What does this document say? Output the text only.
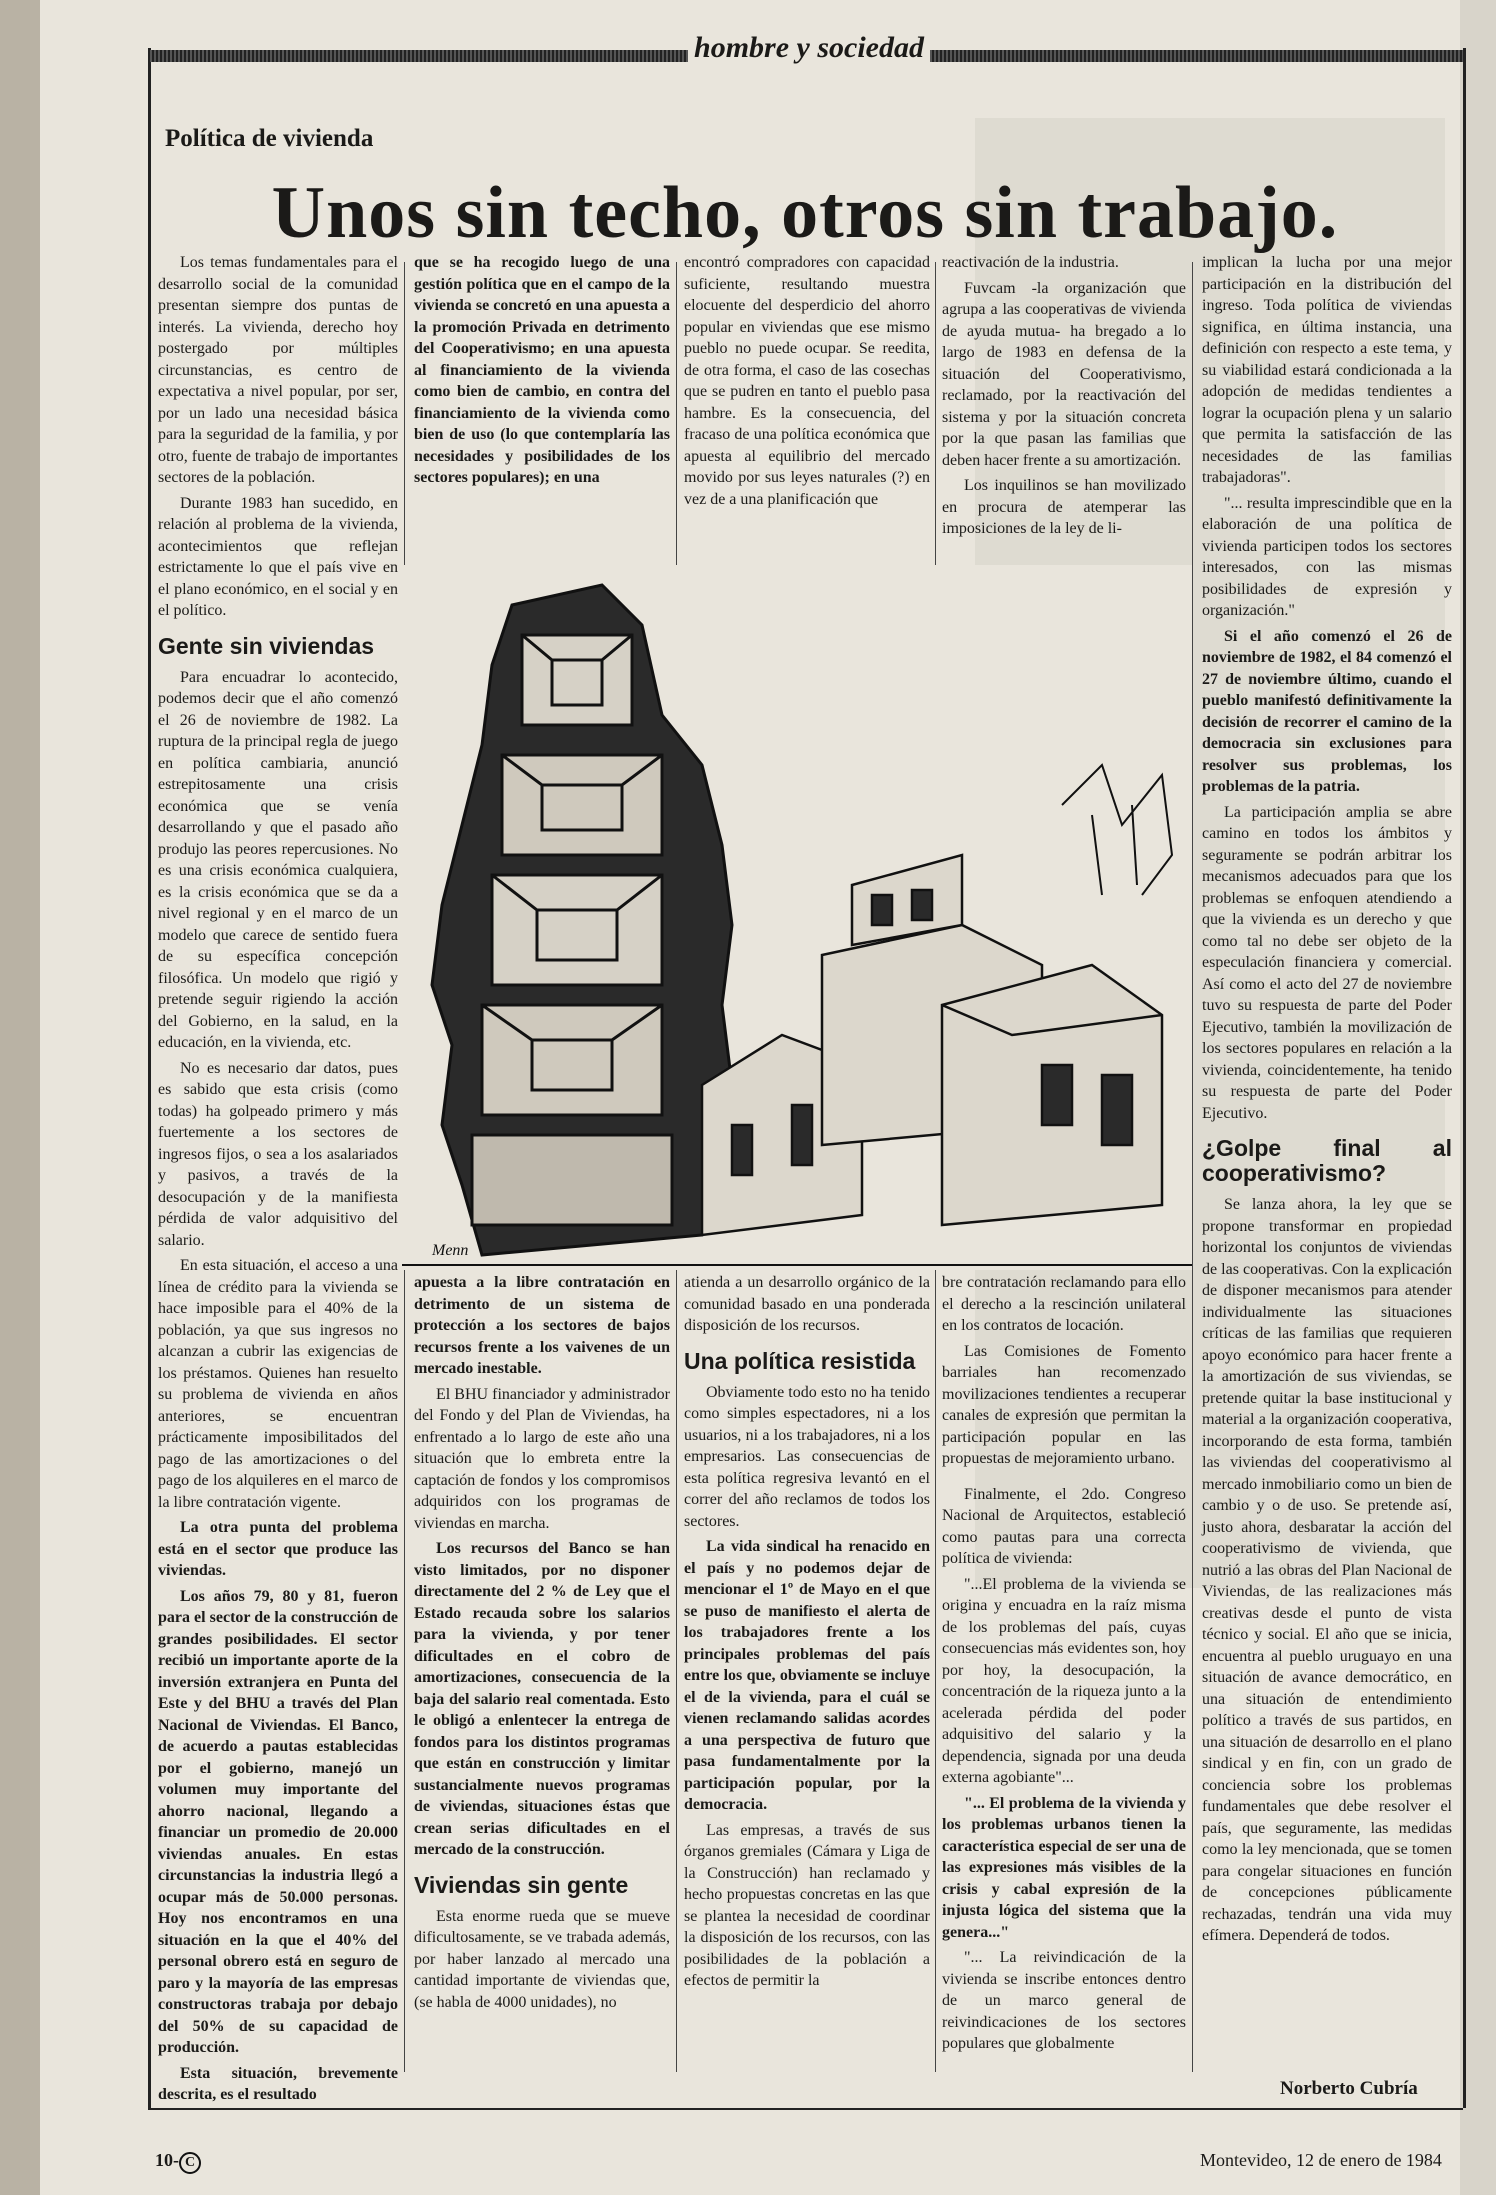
hombre y sociedad
Política de vivienda
Unos sin techo, otros sin trabajo.

Los temas fundamentales para el desarrollo social de la comunidad presentan siempre dos puntas de interés. La vivienda, derecho hoy postergado por múltiples circunstancias, es centro de expectativa a nivel popular, por ser, por un lado una necesidad básica para la seguridad de la familia, y por otro, fuente de trabajo de importantes sectores de la población.

Durante 1983 han sucedido, en relación al problema de la vivienda, acontecimientos que reflejan estrictamente lo que el país vive en el plano económico, en el social y en el político.

Gente sin viviendas

Para encuadrar lo acontecido, podemos decir que el año comenzó el 26 de noviembre de 1982. La ruptura de la principal regla de juego en política cambiaria, anunció estrepitosamente una crisis económica que se venía desarrollando y que el pasado año produjo las peores repercusiones. No es una crisis económica cualquiera, es la crisis económica que se da a nivel regional y en el marco de un modelo que carece de sentido fuera de su específica concepción filosófica. Un modelo que rigió y pretende seguir rigiendo la acción del Gobierno, en la salud, en la educación, en la vivienda, etc.

No es necesario dar datos, pues es sabido que esta crisis (como todas) ha golpeado primero y más fuertemente a los sectores de ingresos fijos, o sea a los asalariados y pasivos, a través de la desocupación y de la manifiesta pérdida de valor adquisitivo del salario.

En esta situación, el acceso a una línea de crédito para la vivienda se hace imposible para el 40% de la población, ya que sus ingresos no alcanzan a cubrir las exigencias de los préstamos. Quienes han resuelto su problema de vivienda en años anteriores, se encuentran prácticamente imposibilitados del pago de las amortizaciones o del pago de los alquileres en el marco de la libre contratación vigente.

La otra punta del problema está en el sector que produce las viviendas.

Los años 79, 80 y 81, fueron para el sector de la construcción de grandes posibilidades. El sector recibió un importante aporte de la inversión extranjera en Punta del Este y del BHU a través del Plan Nacional de Viviendas. El Banco, de acuerdo a pautas establecidas por el gobierno, manejó un volumen muy importante del ahorro nacional, llegando a financiar un promedio de 20.000 viviendas anuales. En estas circunstancias la industria llegó a ocupar más de 50.000 personas. Hoy nos encontramos en una situación en la que el 40% del personal obrero está en seguro de paro y la mayoría de las empresas constructoras trabaja por debajo del 50% de su capacidad de producción.

Esta situación, brevemente descrita, es el resultado

que se ha recogido luego de una gestión política que en el campo de la vivienda se concretó en una apuesta a la promoción Privada en detrimento del Cooperativismo; en una apuesta al financiamiento de la vivienda como bien de cambio, en contra del financiamiento de la vivienda como bien de uso (lo que contemplaría las necesidades y posibilidades de los sectores populares); en una

encontró compradores con capacidad suficiente, resultando muestra elocuente del desperdicio del ahorro popular en viviendas que ese mismo pueblo no puede ocupar. Se reedita, de otra forma, el caso de las cosechas que se pudren en tanto el pueblo pasa hambre. Es la consecuencia, del fracaso de una política económica que apuesta al equilibrio del mercado movido por sus leyes naturales (?) en vez de a una planificación que

reactivación de la industria.

Fuvcam -la organización que agrupa a las cooperativas de vivienda de ayuda mutua- ha bregado a lo largo de 1983 en defensa de la situación del Cooperativismo, reclamado, por la reactivación del sistema y por la situación concreta por la que pasan las familias que deben hacer frente a su amortización.

Los inquilinos se han movilizado en procura de atemperar las imposiciones de la ley de li-

implican la lucha por una mejor participación en la distribución del ingreso. Toda política de viviendas significa, en última instancia, una definición con respecto a este tema, y su viabilidad estará condicionada a la adopción de medidas tendientes a lograr la ocupación plena y un salario que permita la satisfacción de las necesidades de las familias trabajadoras".

"... resulta imprescindible que en la elaboración de una política de vivienda participen todos los sectores interesados, con las mismas posibilidades de expresión y organización."

Si el año comenzó el 26 de noviembre de 1982, el 84 comenzó el 27 de noviembre último, cuando el pueblo manifestó definitivamente la decisión de recorrer el camino de la democracia sin exclusiones para resolver sus problemas, los problemas de la patria.

La participación amplia se abre camino en todos los ámbitos y seguramente se podrán arbitrar los mecanismos adecuados para que los problemas se enfoquen atendiendo a que la vivienda es un derecho y que como tal no debe ser objeto de la especulación financiera y comercial. Así como el acto del 27 de noviembre tuvo su respuesta de parte del Poder Ejecutivo, también la movilización de los sectores populares en relación a la vivienda, coincidentemente, ha tenido su respuesta de parte del Poder Ejecutivo.

¿Golpe final al cooperativismo?

Se lanza ahora, la ley que se propone transformar en propiedad horizontal los conjuntos de viviendas de las cooperativas. Con la explicación de disponer mecanismos para atender individualmente las situaciones críticas de las familias que requieren apoyo económico para hacer frente a la amortización de sus viviendas, se pretende quitar la base institucional y material a la organización cooperativa, incorporando de esta forma, también las viviendas del cooperativismo al mercado inmobiliario como un bien de cambio y o de uso. Se pretende así, justo ahora, desbaratar la acción del cooperativismo de vivienda, que nutrió a las obras del Plan Nacional de Viviendas, de las realizaciones más creativas desde el punto de vista técnico y social. El año que se inicia, encuentra al pueblo uruguayo en una situación de avance democrático, en una situación de entendimiento político a través de sus partidos, en una situación de desarrollo en el plano sindical y en fin, con un grado de conciencia sobre los problemas fundamentales que debe resolver el país, que seguramente, las medidas como la ley mencionada, que se tomen para congelar situaciones en función de concepciones públicamente rechazadas, tendrán una vida muy efímera. Dependerá de todos.

Menn

apuesta a la libre contratación en detrimento de un sistema de protección a los sectores de bajos recursos frente a los vaivenes de un mercado inestable.

El BHU financiador y administrador del Fondo y del Plan de Viviendas, ha enfrentado a lo largo de este año una situación que lo embreta entre la captación de fondos y los compromisos adquiridos con los programas de viviendas en marcha.

Los recursos del Banco se han visto limitados, por no disponer directamente del 2 % de Ley que el Estado recauda sobre los salarios para la vivienda, y por tener dificultades en el cobro de amortizaciones, consecuencia de la baja del salario real comentada. Esto le obligó a enlentecer la entrega de fondos para los distintos programas que están en construcción y limitar sustancialmente nuevos programas de viviendas, situaciones éstas que crean serias dificultades en el mercado de la construcción.

Viviendas sin gente

Esta enorme rueda que se mueve dificultosamente, se ve trabada además, por haber lanzado al mercado una cantidad importante de viviendas que, (se habla de 4000 unidades), no

atienda a un desarrollo orgánico de la comunidad basado en una ponderada disposición de los recursos.

Una política resistida

Obviamente todo esto no ha tenido como simples espectadores, ni a los usuarios, ni a los trabajadores, ni a los empresarios. Las consecuencias de esta política regresiva levantó en el correr del año reclamos de todos los sectores.

La vida sindical ha renacido en el país y no podemos dejar de mencionar el 1º de Mayo en el que se puso de manifiesto el alerta de los trabajadores frente a los principales problemas del país entre los que, obviamente se incluye el de la vivienda, para el cuál se vienen reclamando salidas acordes a una perspectiva de futuro que pasa fundamentalmente por la participación popular, por la democracia.

Las empresas, a través de sus órganos gremiales (Cámara y Liga de la Construcción) han reclamado y hecho propuestas concretas en las que se plantea la necesidad de coordinar la disposición de los recursos, con las posibilidades de la población a efectos de permitir la

bre contratación reclamando para ello el derecho a la rescinción unilateral en los contratos de locación.

Las Comisiones de Fomento barriales han recomenzado movilizaciones tendientes a recuperar canales de expresión que permitan la participación popular en las propuestas de mejoramiento urbano.

Finalmente, el 2do. Congreso Nacional de Arquitectos, estableció como pautas para una correcta política de vivienda:

"...El problema de la vivienda se origina y encuadra en la raíz misma de los problemas del país, cuyas consecuencias más evidentes son, hoy por hoy, la desocupación, la concentración de la riqueza junto a la acelerada pérdida del poder adquisitivo del salario y la dependencia, signada por una deuda externa agobiante"...

"... El problema de la vivienda y los problemas urbanos tienen la característica especial de ser una de las expresiones más visibles de la crisis y cabal expresión de la injusta lógica del sistema que la genera..."

"... La reivindicación de la vivienda se inscribe entonces dentro de un marco general de reivindicaciones de los sectores populares que globalmente

Norberto Cubría
10- C	Montevideo, 12 de enero de 1984
